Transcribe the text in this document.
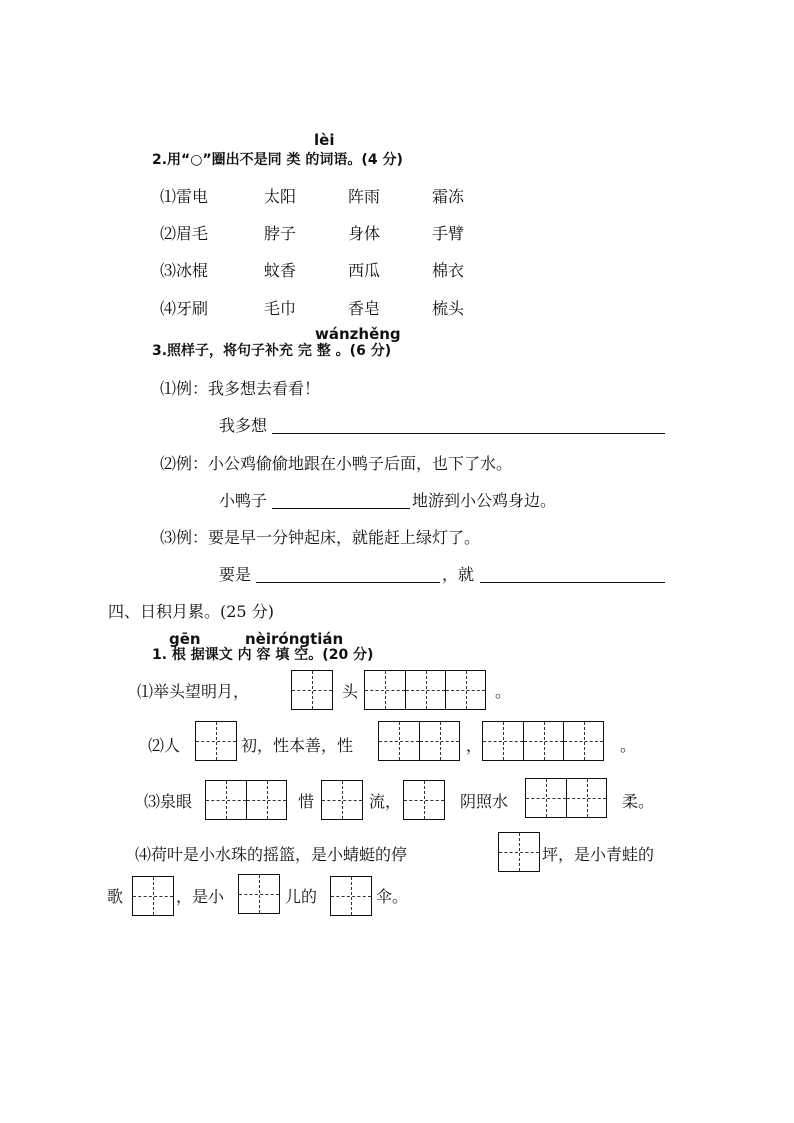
lèi
2.用“○”圈出不是同 类 的词语。(4 分)
⑴雷电	太阳	阵雨	霜冻
⑵眉毛	脖子	身体	手臂
⑶冰棍	蚊香	西瓜	棉衣
⑷牙刷	毛巾	香皂	梳头
wánzhěng
3.照样子，将句子补充 完 整 。(6 分)
⑴例：我多想去看看！
我多想
⑵例：小公鸡偷偷地跟在小鸭子后面，也下了水。
小鸭子	地游到小公鸡身边。
⑶例：要是早一分钟起床，就能赶上绿灯了。
要是	，就
四、日积月累。(25 分)
gēn	nèiróngtián
1. 根 据课文 内 容 填 空。(20 分)
⑴举头望明月，	头	。
⑵人	初，性本善，性	，	。
⑶泉眼	惜	流，	阴照水	柔。
⑷荷叶是小水珠的摇篮，是小蜻蜓的停	坪，是小青蛙的
歌	，是小	儿的	伞。
